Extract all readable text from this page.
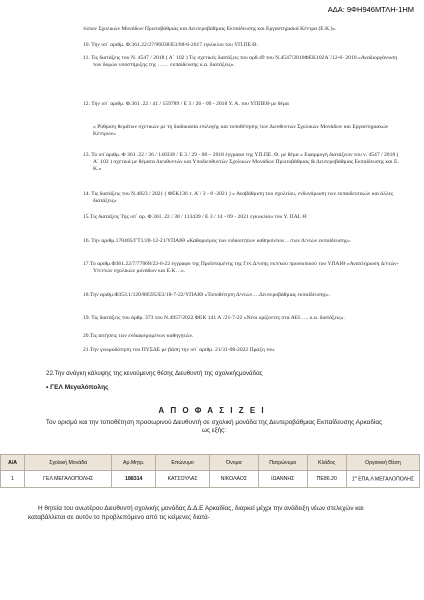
ΑΔΑ: 9ΦΗ946ΜΤΛΗ-1ΗΜ
τύπων Σχολικών Μονάδων Πρωτοβάθμιας και Δευτεροβάθμιας Εκπαίδευσης και Εργαστηριακά Κέντρα (Ε.Κ.)».
10. Την υπ΄ αριθμ. Φ.361.22/27/96038/Ε3/08-6-2017 εγκύκλιο του ΥΠ.ΠΕ.Θ.
11. Τις διατάξεις του Ν. 4547 / 2018 ( Α΄ 102 ) Τις σχετικές διατάξεις του αρθ.49 του Ν.4547/2018ΦΕΚ102Α΄/12-6- 2018 «Αναδιοργάνωση των δομών υποστήριξης της …… εκπαίδευσης κ.α. διατάξεις».
12. Την υπ΄ αριθμ. Φ.361 .22 / 41 / 159789 / Ε 3 / 26 - 09 - 2018 Υ. Α. του ΥΠΠΕΘ με θέμα
« Ρύθμιση θεμάτων σχετικών με τη διαδικασία επιλογής και τοποθέτησης των Διευθυντών Σχολικών Μονάδων και Εργαστηριακών Κέντρων»
13. Το υπ΄αριθμ. Φ 361 .22 / 36 / 140338 / Ε 3 / 29 - 08 – 2018 έγγραφο της ΥΠ.ΠΕ. Θ. με θέμα « Εφαρμογή διατάξεων του ν. 4547 / 2018 ( Α΄ 102 ) σχετικά με θέματα Διευθυντών και Υποδιευθυντών Σχολικών Μονάδων Πρωτοβάθμιας & Δευτεροβάθμιας Εκπαίδευσης και Ε. Κ.»
14. Τις διατάξεις του Ν.4823 / 2021 ( ΦΕΚ136 τ. Α΄/ 3 - 8 -2021 ) « Αναβάθμιση του σχολείου, ενδυνάμωση των εκπαιδευτικών και άλλες διατάξεις»
15.Τις διατάξεις Της υπ΄ αρ. Φ.361. 22 / 38 / 113439 / Ε 3 / 14 - 09 - 2021 εγκυκλίου του Υ. ΠΑΙ. Θ
16. Την αριθμ.170405/ΓΤ1/28-12-21/ΥΠΑΙΘ «Καθορισμός των ειδικοτήτων καθηκόντων…/των Δ/ντών εκπαίδευσης».
17.Το αριθμ.Φ361.22/7/77068/22-6-22 έγγραφο της Προϊσταμένης της Γεν.Δ/νσης εκπ/κού προσωπικού του ΥΠΑΙΘ «Αναπλήρωση Δ/ντών-Υπ/ντών σχολικών μονάδων και Ε.Κ…».
18.Την αριθμ.Φ353.1/120/88595/Ε3/18-7-22/ΥΠΑΙΘ «Τοποθέτηση Δ/ντών….Δευτεροβάθμιας εκπαίδευσης».
19. Τις διατάξεις του άρθρ. 373 του Ν.4957/2022 ΦΕΚ 141 Α΄/21-7-22 «Νέοι ορίζοντες στα ΑΕΙ….. κ.α. διατάξεις».
20.Τις αιτήσεις των ενδιαφερομένων καθηγητών.
21.Την γνωμοδότηση του ΠΥΣΔΕ με βάση την υπ΄ αριθμ. 21/31-08-2022 Πράξη του.
22.Την ανάγκη κάλυψης της κενούμενης θέσης Διευθυντή της σχολικήςμονάδας
• ΓΕΛ Μεγαλόπολης
Α Π Ο Φ Α Σ Ι Ζ Ε Ι
Τον ορισμό και την τοποθέτηση προσωρινού Διευθυντή σε σχολική μονάδα της Δευτεροβάθμιας Εκπαίδευσης Αρκαδίας ως εξής:
Α/Α	Σχολική Μονάδα	Αρ.Μητρ.	Επώνυμο	Όνομα	Πατρώνυμο	Κλάδος	Οργανική Θέση
1	ΓΕΛ ΜΕΓΑΛΟΠΟΛΗΣ	188314	ΚΑΤΣΟΥΛΑΣ	ΝΙΚΟΛΑΟΣ	ΙΩΑΝΝΗΣ	ΠΕ86.20	$1^o$ ΕΠΑ.Λ ΜΕΓΑΛΟΠΟΛΗΣ
Η θητεία του ανωτέρου Διευθυντή σχολικής μονάδας Δ.Δ.Ε Αρκαδίας, διαρκεί μέχρι την ανάδειξη νέων στελεχών και καταβάλλεται σε αυτόν το προβλεπόμενο από τις κείμενες διατά-
